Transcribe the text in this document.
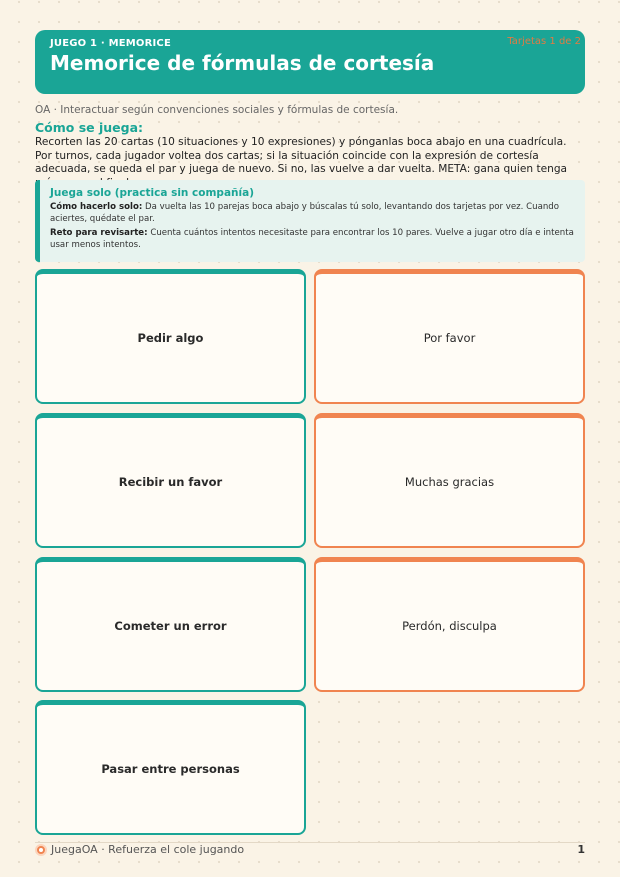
JUEGO 1 · MEMORICE
Memorice de fórmulas de cortesía
Tarjetas 1 de 2
OA · Interactuar según convenciones sociales y fórmulas de cortesía.
Cómo se juega:
Recorten las 20 cartas (10 situaciones y 10 expresiones) y pónganlas boca abajo en una cuadrícula. Por turnos, cada jugador voltea dos cartas; si la situación coincide con la expresión de cortesía adecuada, se queda el par y juega de nuevo. Si no, las vuelve a dar vuelta. META: gana quien tenga
Juega solo (practica sin compañía)

Cómo hacerlo solo: Da vuelta las 10 parejas boca abajo y búscalas tú solo, levantando dos tarjetas por vez. Cuando aciertes, quédate el par.

Reto para revisarte: Cuenta cuántos intentos necesitaste para encontrar los 10 pares. Vuelve a jugar otro día e intenta usar menos intentos.

Pedir algo	Por favor
Recibir un favor	Muchas gracias
Cometer un error	Perdón, disculpa
Pasar entre personas
JuegaOA · Refuerza el cole jugando	1
